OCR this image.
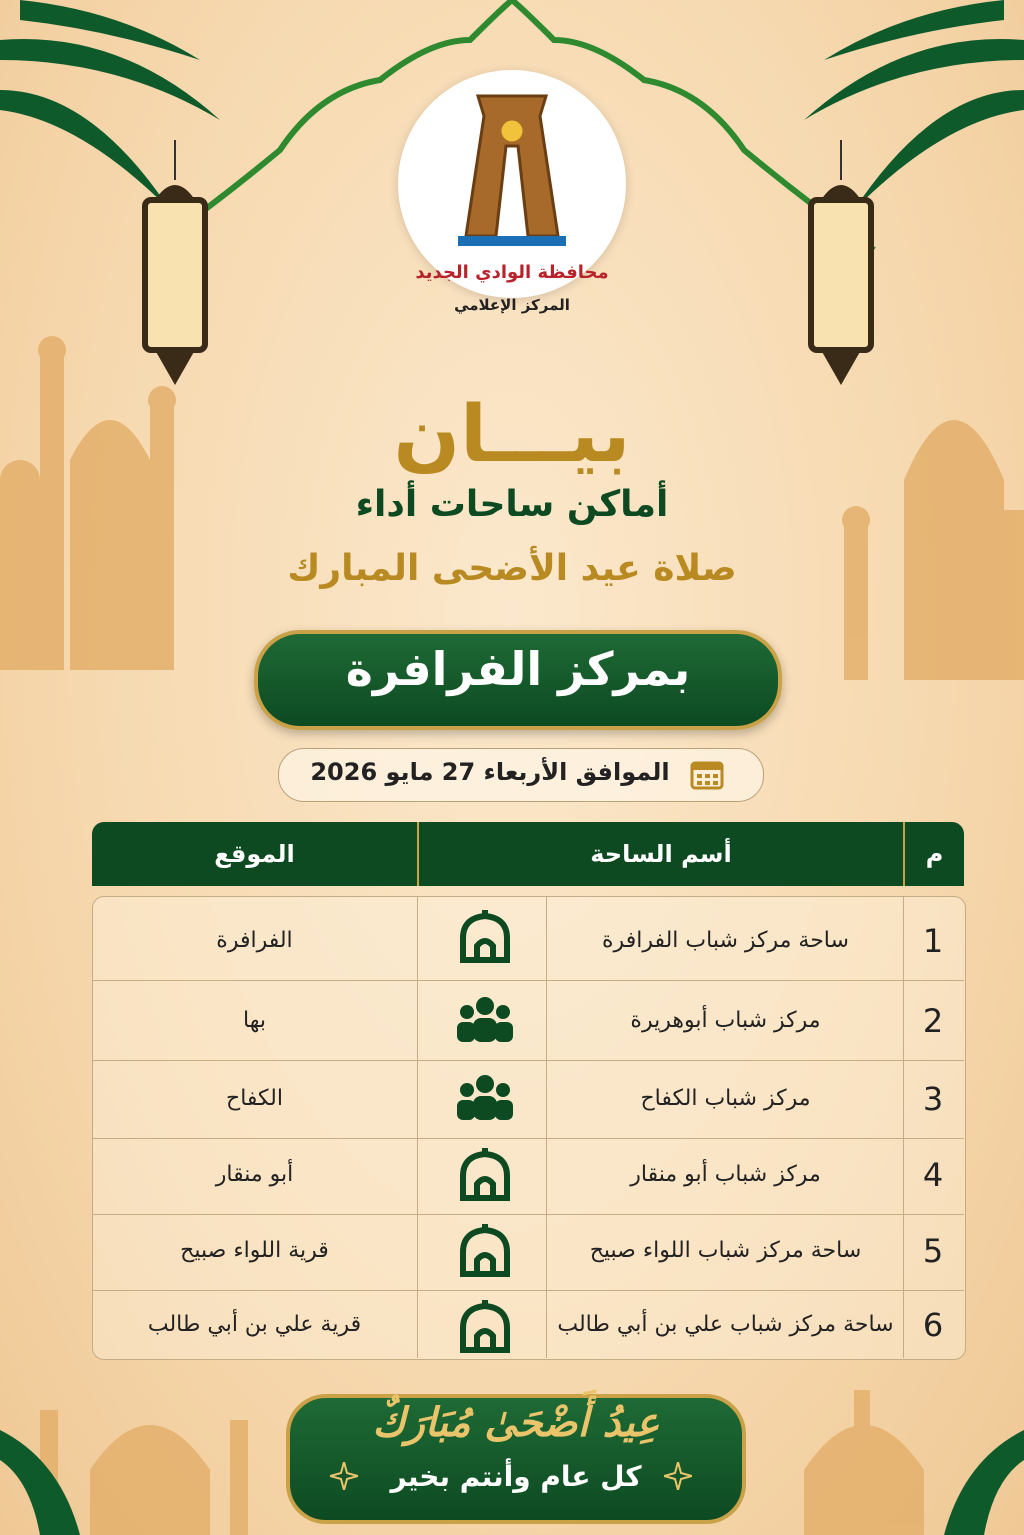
محافظة الوادي الجديد
المركز الإعلامي
بيـــان
أماكن ساحات أداء
صلاة عيد الأضحى المبارك
بمركز الفرافرة
الموافق الأربعاء 27 مايو 2026
الموقع	أسم الساحة	م
1
ساحة مركز شباب الفرافرة
الفرافرة
2
مركز شباب أبوهريرة
بها
3
مركز شباب الكفاح
الكفاح
4
مركز شباب أبو منقار
أبو منقار
5
ساحة مركز شباب اللواء صبيح
قرية اللواء صبيح
6
ساحة مركز شباب علي بن أبي طالب
قرية علي بن أبي طالب
عِيدُ أَضْحَىٰ مُبَارَكٌ
كل عام وأنتم بخير
